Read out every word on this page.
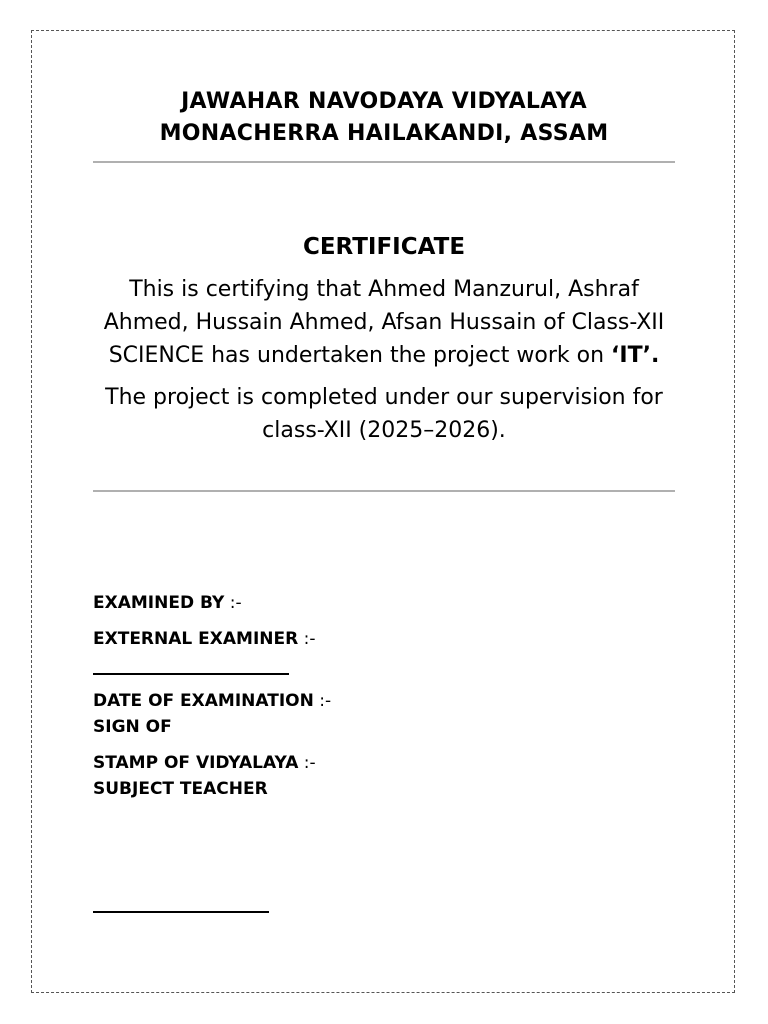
JAWAHAR NAVODAYA VIDYALAYA
MONACHERRA HAILAKANDI, ASSAM
CERTIFICATE

This is certifying that Ahmed Manzurul, Ashraf Ahmed, Hussain Ahmed, Afsan Hussain of Class-XII SCIENCE has undertaken the project work on ‘IT’.

The project is completed under our supervision for class-XII (2025–2026).

EXAMINED BY :-

EXTERNAL EXAMINER :-

DATE OF EXAMINATION :-

SIGN OF

STAMP OF VIDYALAYA :-

SUBJECT TEACHER
